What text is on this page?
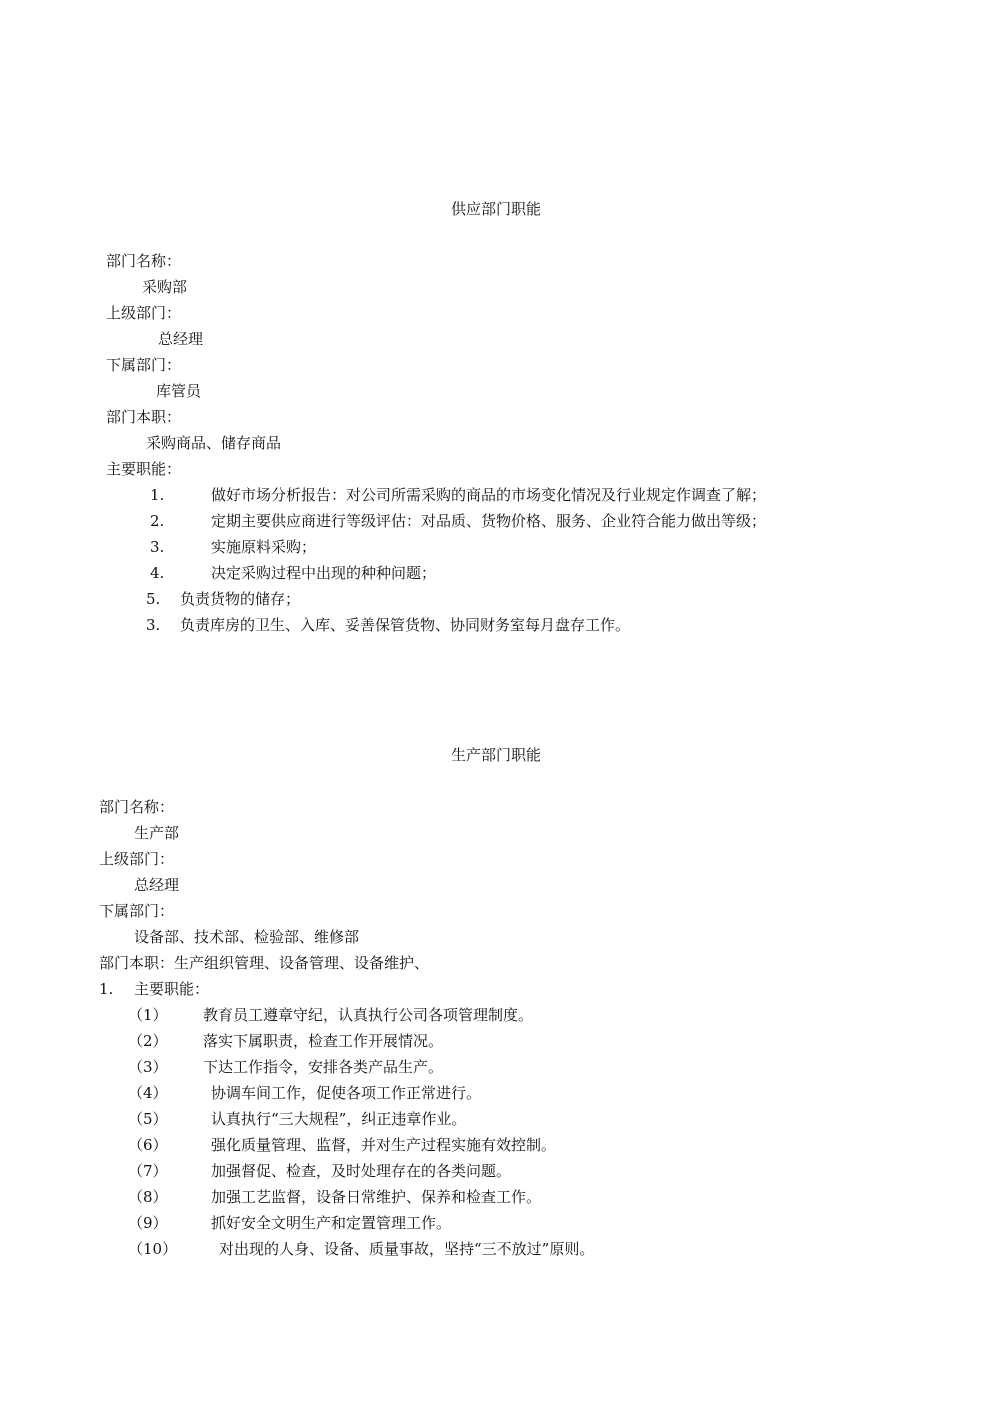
供应部门职能
部门名称：
采购部
上级部门：
总经理
下属部门：
库管员
部门本职：
采购商品、储存商品
主要职能：
1.	做好市场分析报告：对公司所需采购的商品的市场变化情况及行业规定作调查了解；
2.	定期主要供应商进行等级评估：对品质、货物价格、服务、企业符合能力做出等级；
3.	实施原料采购；
4.	决定采购过程中出现的种种问题；
5. 负责货物的储存；
3. 负责库房的卫生、入库、妥善保管货物、协同财务室每月盘存工作。
生产部门职能
部门名称：
生产部
上级部门：
总经理
下属部门：
设备部、技术部、检验部、维修部
部门本职：生产组织管理、设备管理、设备维护、
1. 主要职能：
（1） 教育员工遵章守纪，认真执行公司各项管理制度。
（2） 落实下属职责，检查工作开展情况。
（3） 下达工作指令，安排各类产品生产。
（4）	协调车间工作，促使各项工作正常进行。
（5）	认真执行“三大规程”，纠正违章作业。
（6）	强化质量管理、监督，并对生产过程实施有效控制。
（7）	加强督促、检查，及时处理存在的各类问题。
（8）	加强工艺监督，设备日常维护、保养和检查工作。
（9）	抓好安全文明生产和定置管理工作。
（10）	对出现的人身、设备、质量事故，坚持“三不放过”原则。
